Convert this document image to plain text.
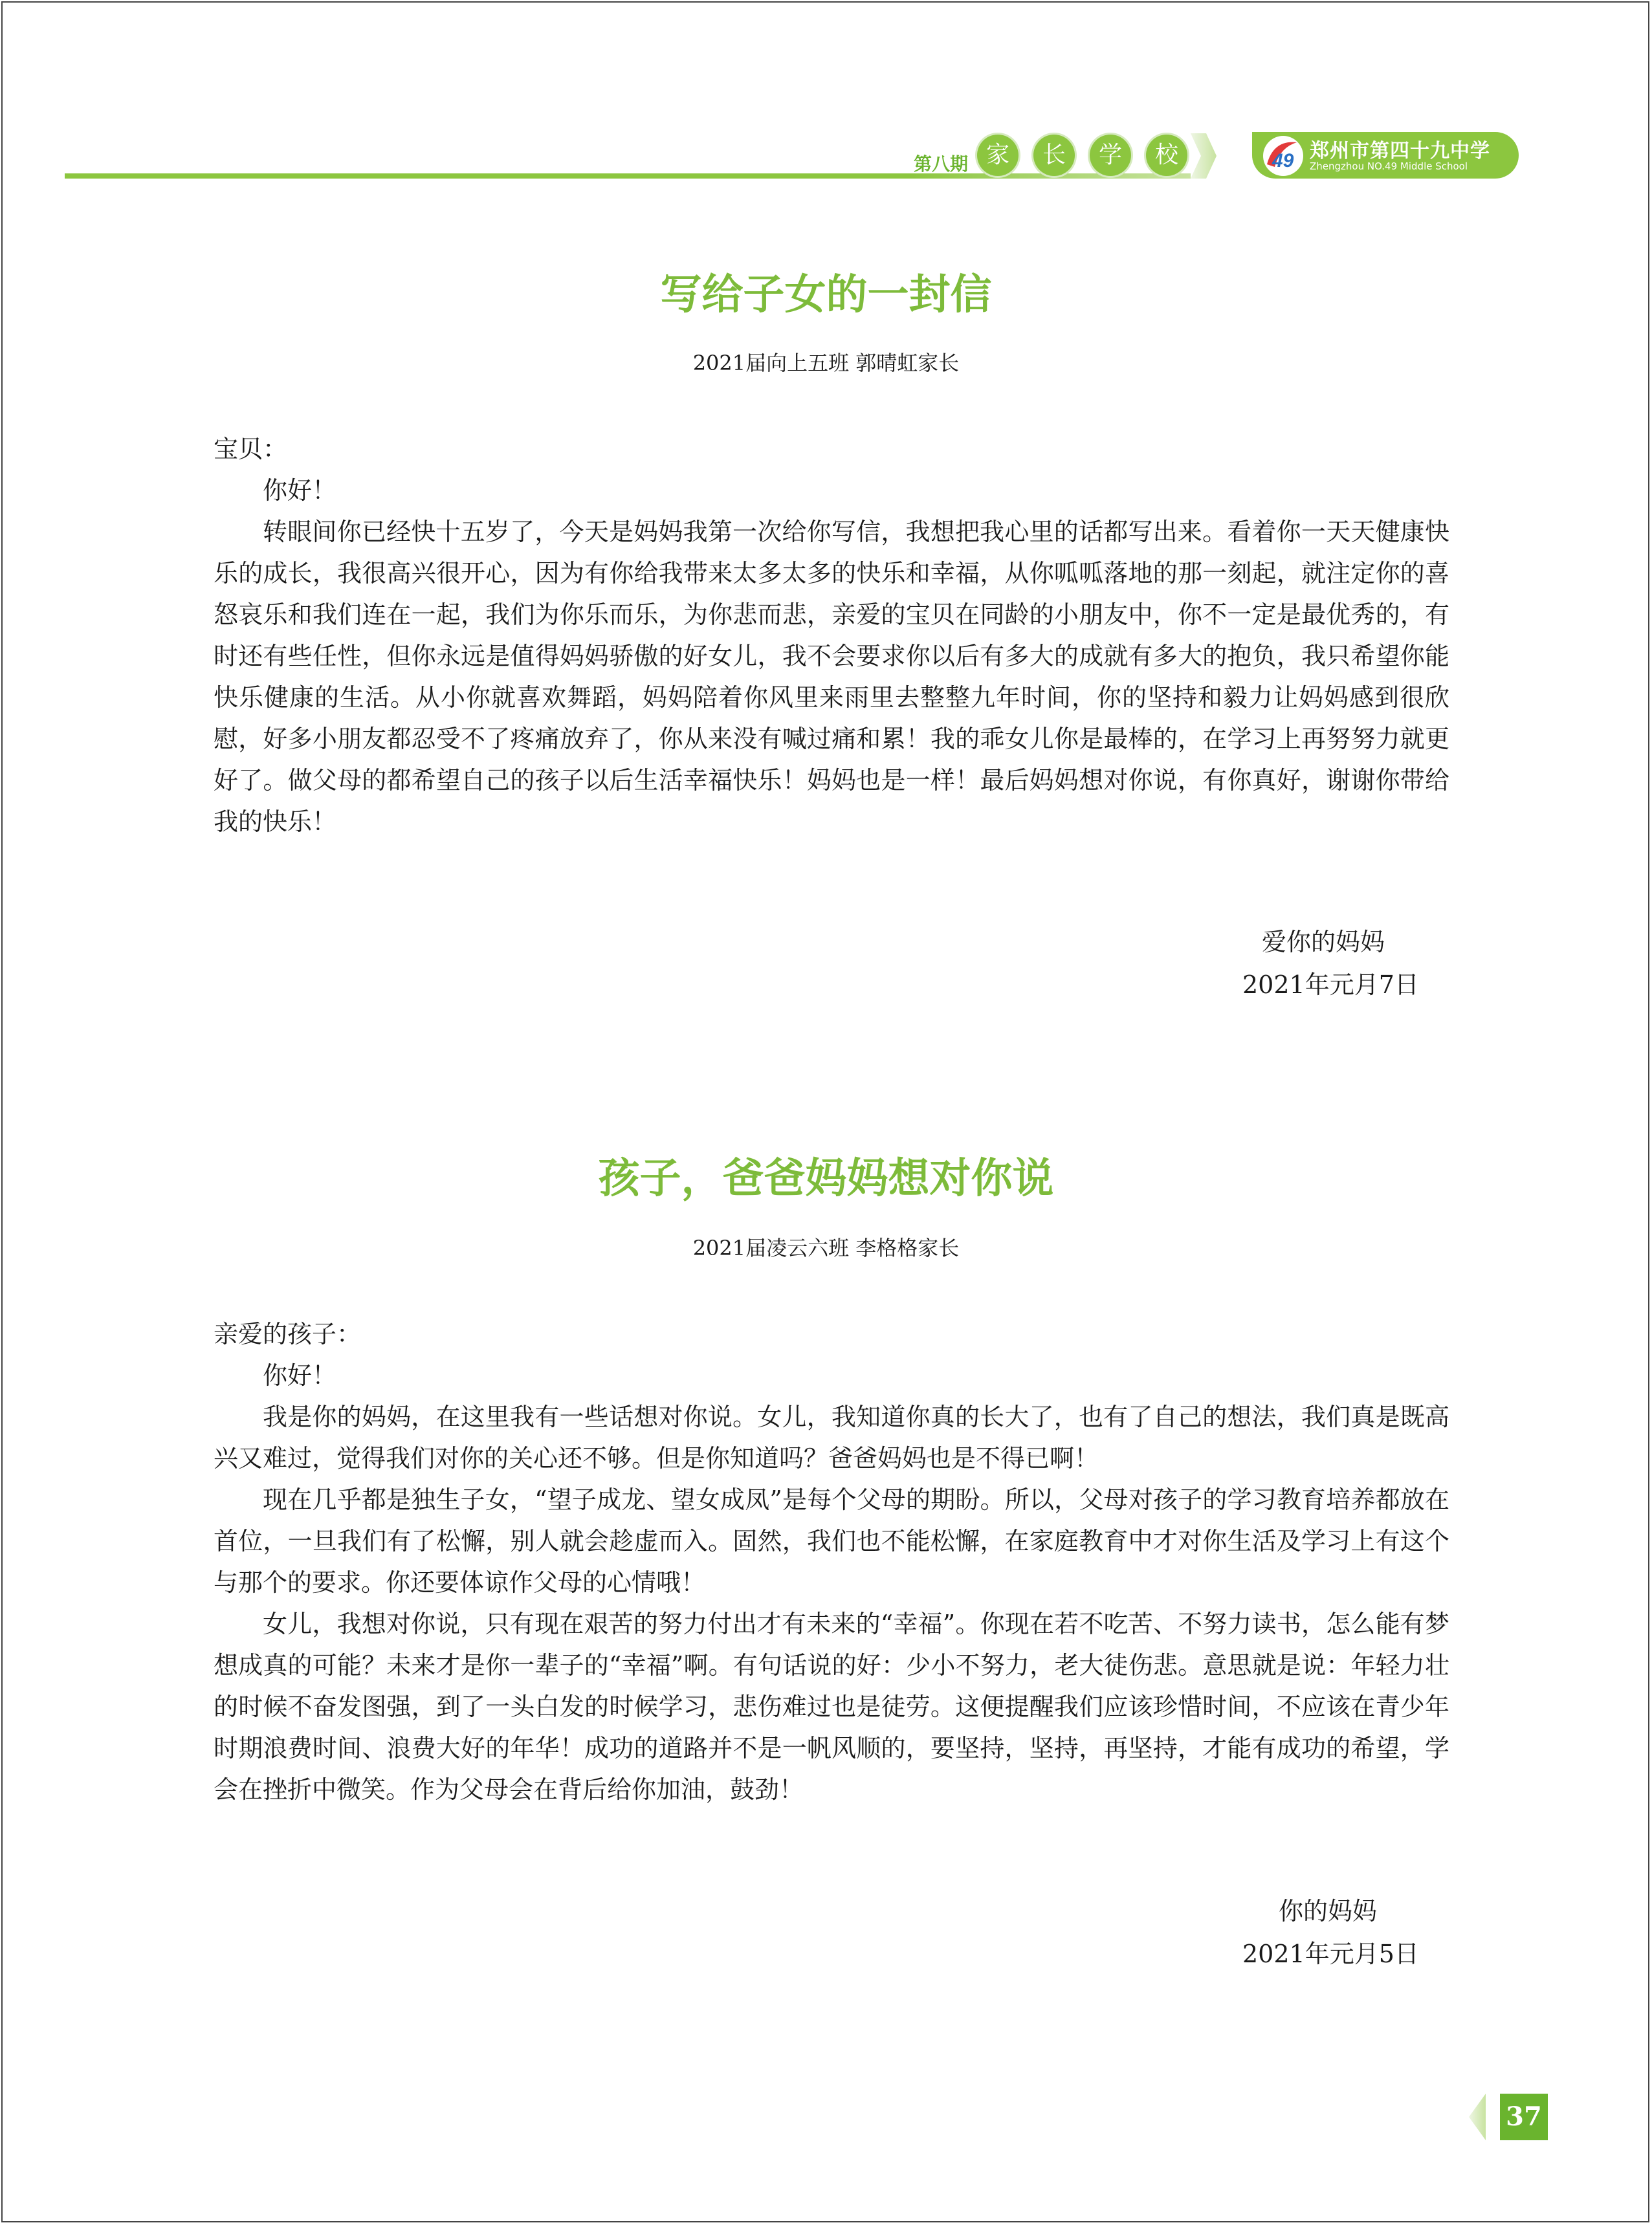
第八期 家	长	学	校	49 郑州市第四十九中学
Zhengzhou NO.49 Middle School
写给子女的一封信
2021届向上五班 郭晴虹家长
宝贝：
你好！

转眼间你已经快十五岁了，今天是妈妈我第一次给你写信，我想把我心里的话都写出来。看着你一天天健康快乐的成长，我很高兴很开心，因为有你给我带来太多太多的快乐和幸福，从你呱呱落地的那一刻起，就注定你的喜怒哀乐和我们连在一起，我们为你乐而乐，为你悲而悲，亲爱的宝贝在同龄的小朋友中，你不一定是最优秀的，有时还有些任性，但你永远是值得妈妈骄傲的好女儿，我不会要求你以后有多大的成就有多大的抱负，我只希望你能快乐健康的生活。从小你就喜欢舞蹈，妈妈陪着你风里来雨里去整整九年时间，你的坚持和毅力让妈妈感到很欣慰，好多小朋友都忍受不了疼痛放弃了，你从来没有喊过痛和累！我的乖女儿你是最棒的，在学习上再努努力就更好了。做父母的都希望自己的孩子以后生活幸福快乐！妈妈也是一样！最后妈妈想对你说，有你真好，谢谢你带给我的快乐！

爱你的妈妈
2021年元月7日
孩子，爸爸妈妈想对你说
2021届凌云六班 李格格家长
亲爱的孩子：
你好！

我是你的妈妈，在这里我有一些话想对你说。女儿，我知道你真的长大了，也有了自己的想法，我们真是既高兴又难过，觉得我们对你的关心还不够。但是你知道吗？爸爸妈妈也是不得已啊！

现在几乎都是独生子女，“望子成龙、望女成凤”是每个父母的期盼。所以，父母对孩子的学习教育培养都放在首位，一旦我们有了松懈，别人就会趁虚而入。固然，我们也不能松懈，在家庭教育中才对你生活及学习上有这个与那个的要求。你还要体谅作父母的心情哦！

女儿，我想对你说，只有现在艰苦的努力付出才有未来的“幸福”。你现在若不吃苦、不努力读书，怎么能有梦想成真的可能？未来才是你一辈子的“幸福”啊。有句话说的好：少小不努力，老大徒伤悲。意思就是说：年轻力壮的时候不奋发图强，到了一头白发的时候学习，悲伤难过也是徒劳。这便提醒我们应该珍惜时间，不应该在青少年时期浪费时间、浪费大好的年华！成功的道路并不是一帆风顺的，要坚持，坚持，再坚持，才能有成功的希望，学会在挫折中微笑。作为父母会在背后给你加油，鼓劲！

你的妈妈
2021年元月5日
37
